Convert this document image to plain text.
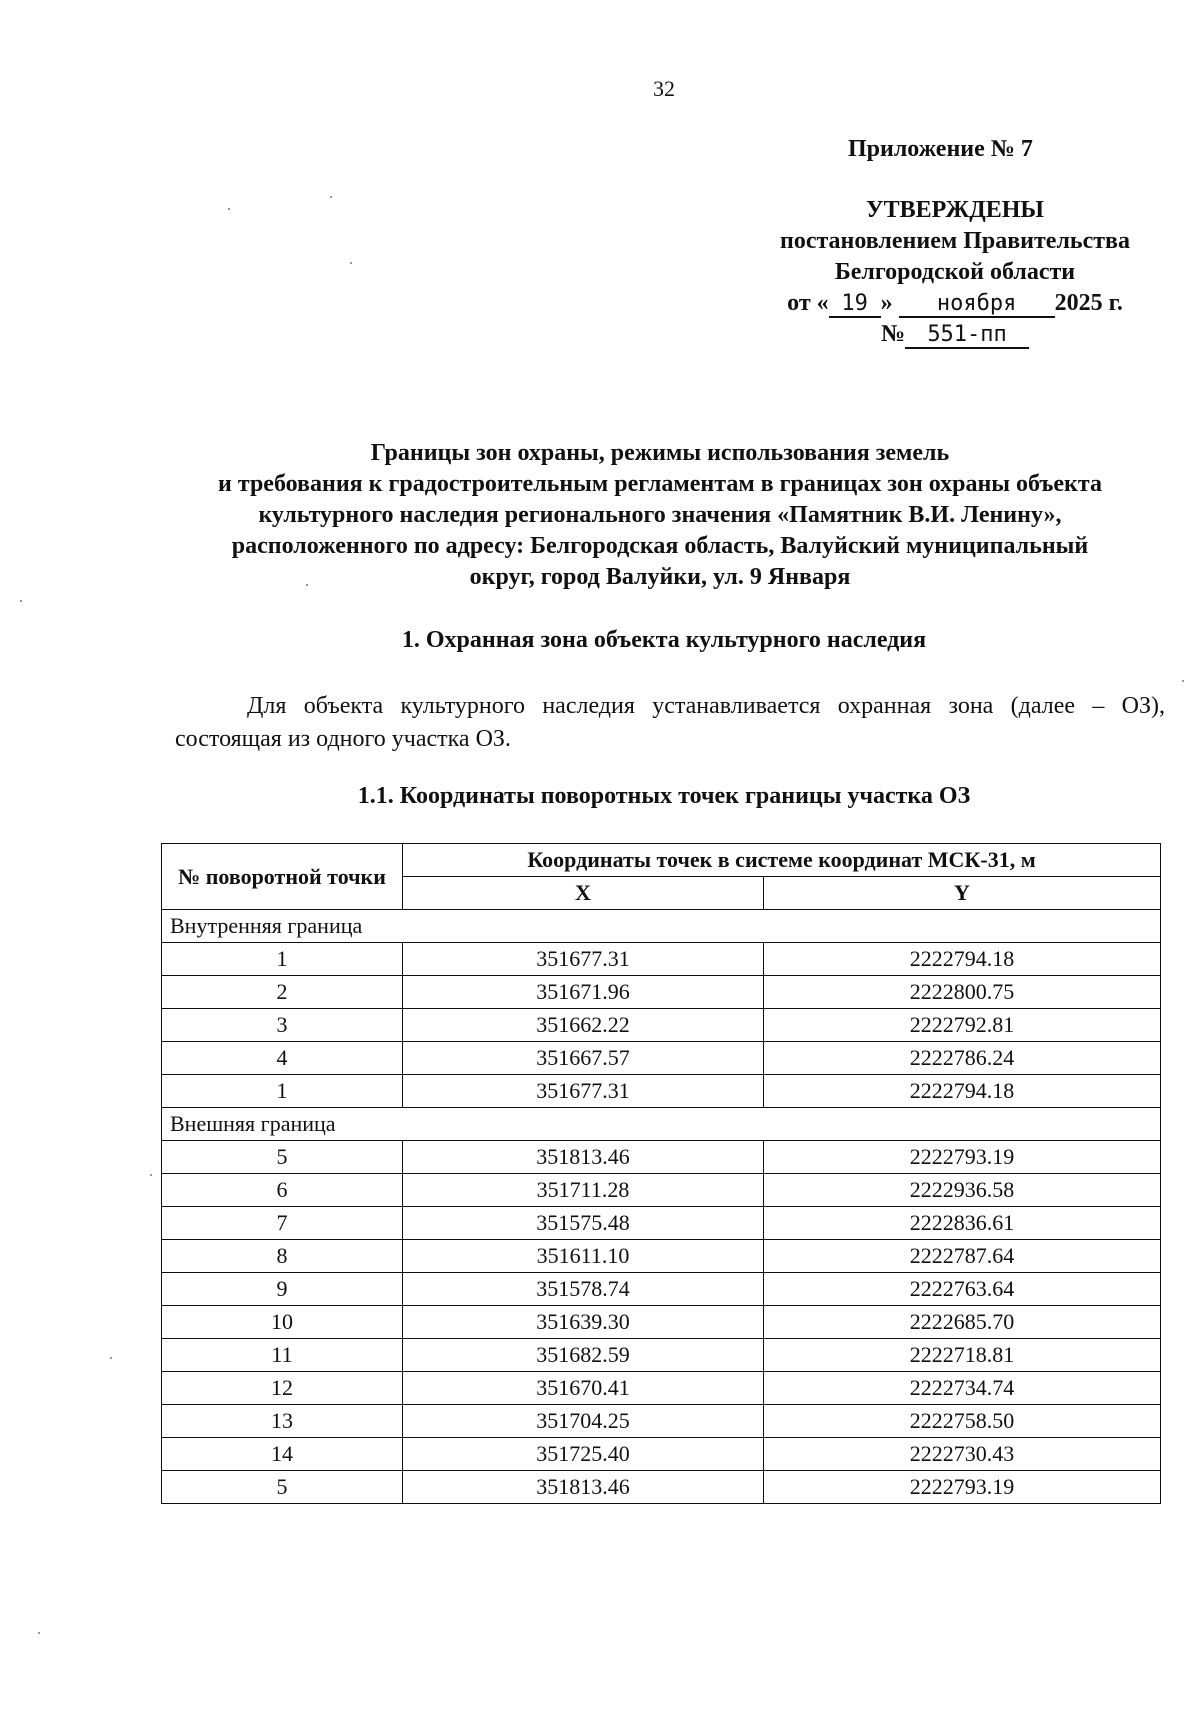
32
Приложение № 7
УТВЕРЖДЕНЫ
постановлением Правительства
Белгородской области
от « 19 » ноября 2025 г.
№ 551-пп
Границы зон охраны, режимы использования земель
и требования к градостроительным регламентам в границах зон охраны объекта
культурного наследия регионального значения «Памятник В.И. Ленину»,
расположенного по адресу: Белгородская область, Валуйский муниципальный
округ, город Валуйки, ул. 9 Января
1. Охранная зона объекта культурного наследия
Для объекта культурного наследия устанавливается охранная зона (далее – ОЗ), состоящая из одного участка ОЗ.
1.1. Координаты поворотных точек границы участка ОЗ
№ поворотной точки	Координаты точек в системе координат МСК-31, м	
	X	Y
Внутренняя граница		
1	351677.31	2222794.18
2	351671.96	2222800.75
3	351662.22	2222792.81
4	351667.57	2222786.24
1	351677.31	2222794.18
Внешняя граница		
5	351813.46	2222793.19
6	351711.28	2222936.58
7	351575.48	2222836.61
8	351611.10	2222787.64
9	351578.74	2222763.64
10	351639.30	2222685.70
11	351682.59	2222718.81
12	351670.41	2222734.74
13	351704.25	2222758.50
14	351725.40	2222730.43
5	351813.46	2222793.19
